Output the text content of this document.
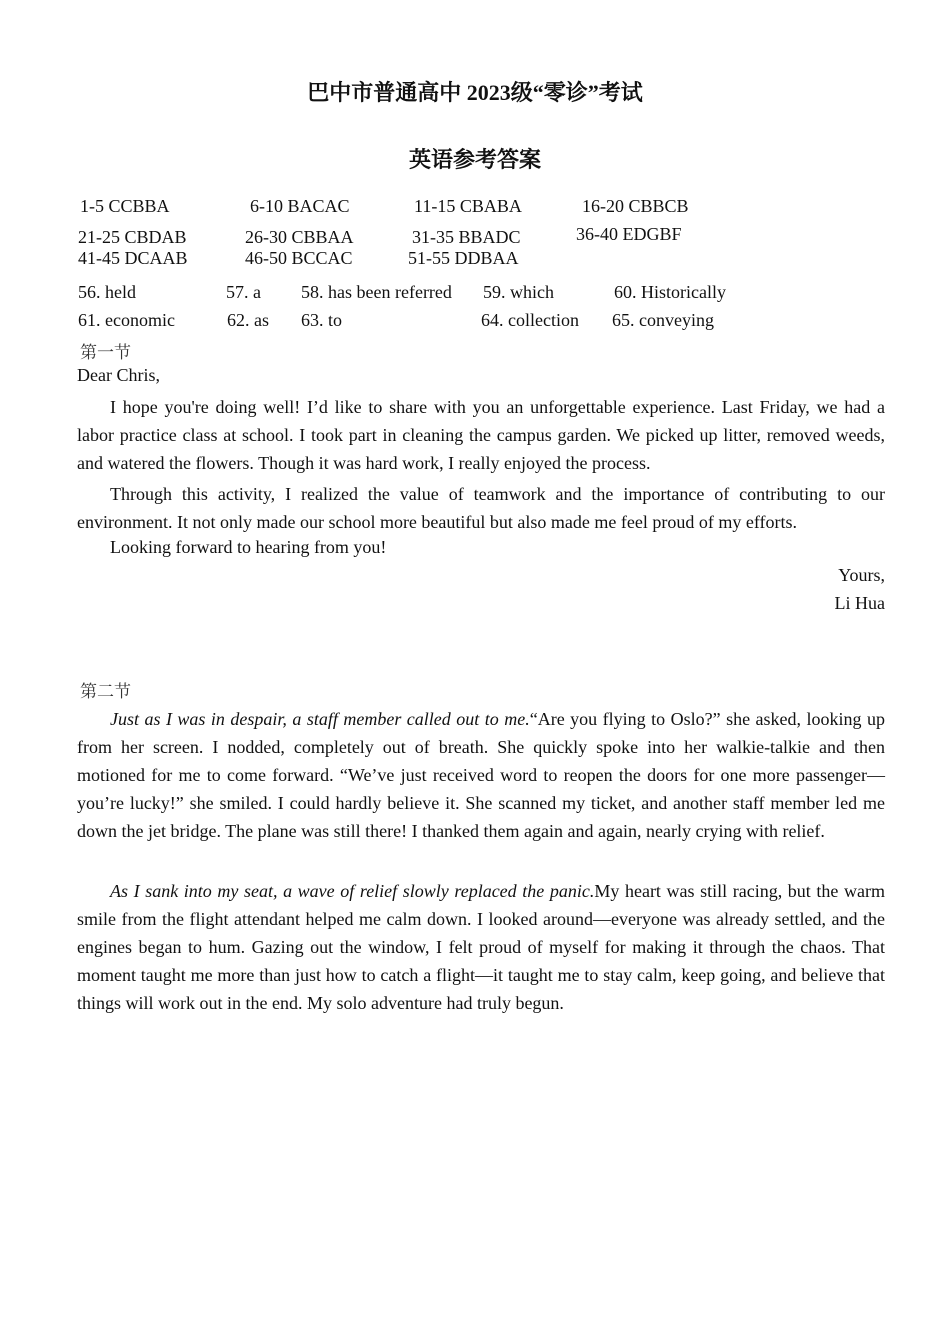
巴中市普通高中 2023级“零诊”考试
英语参考答案
1-5 CCBBA	6-10 BACAC	11-15 CBABA	16-20 CBBCB
21-25 CBDAB	26-30 CBBAA	31-35 BBADC	36-40 EDGBF
41-45 DCAAB	46-50 BCCAC	51-55 DDBAA
56. held	57. a 58. has been referred 59. which	60. Historically
61. economic	62. as 63. to	64. collection 65. conveying
第一节
Dear Chris,
I hope you're doing well! I’d like to share with you an unforgettable experience. Last Friday, we had a labor practice class at school. I took part in cleaning the campus garden. We picked up litter, removed weeds, and watered the flowers. Though it was hard work, I really enjoyed the process.
Through this activity, I realized the value of teamwork and the importance of contributing to our environment. It not only made our school more beautiful but also made me feel proud of my efforts.
Looking forward to hearing from you!
Yours,
Li Hua
第二节
Just as I was in despair, a staff member called out to me.“Are you flying to Oslo?” she asked, looking up from her screen. I nodded, completely out of breath. She quickly spoke into her walkie-talkie and then motioned for me to come forward. “We’ve just received word to reopen the doors for one more passenger—you’re lucky!” she smiled. I could hardly believe it. She scanned my ticket, and another staff member led me down the jet bridge. The plane was still there! I thanked them again and again, nearly crying with relief.
As I sank into my seat, a wave of relief slowly replaced the panic.My heart was still racing, but the warm smile from the flight attendant helped me calm down. I looked around—everyone was already settled, and the engines began to hum. Gazing out the window, I felt proud of myself for making it through the chaos. That moment taught me more than just how to catch a flight—it taught me to stay calm, keep going, and believe that things will work out in the end. My solo adventure had truly begun.
